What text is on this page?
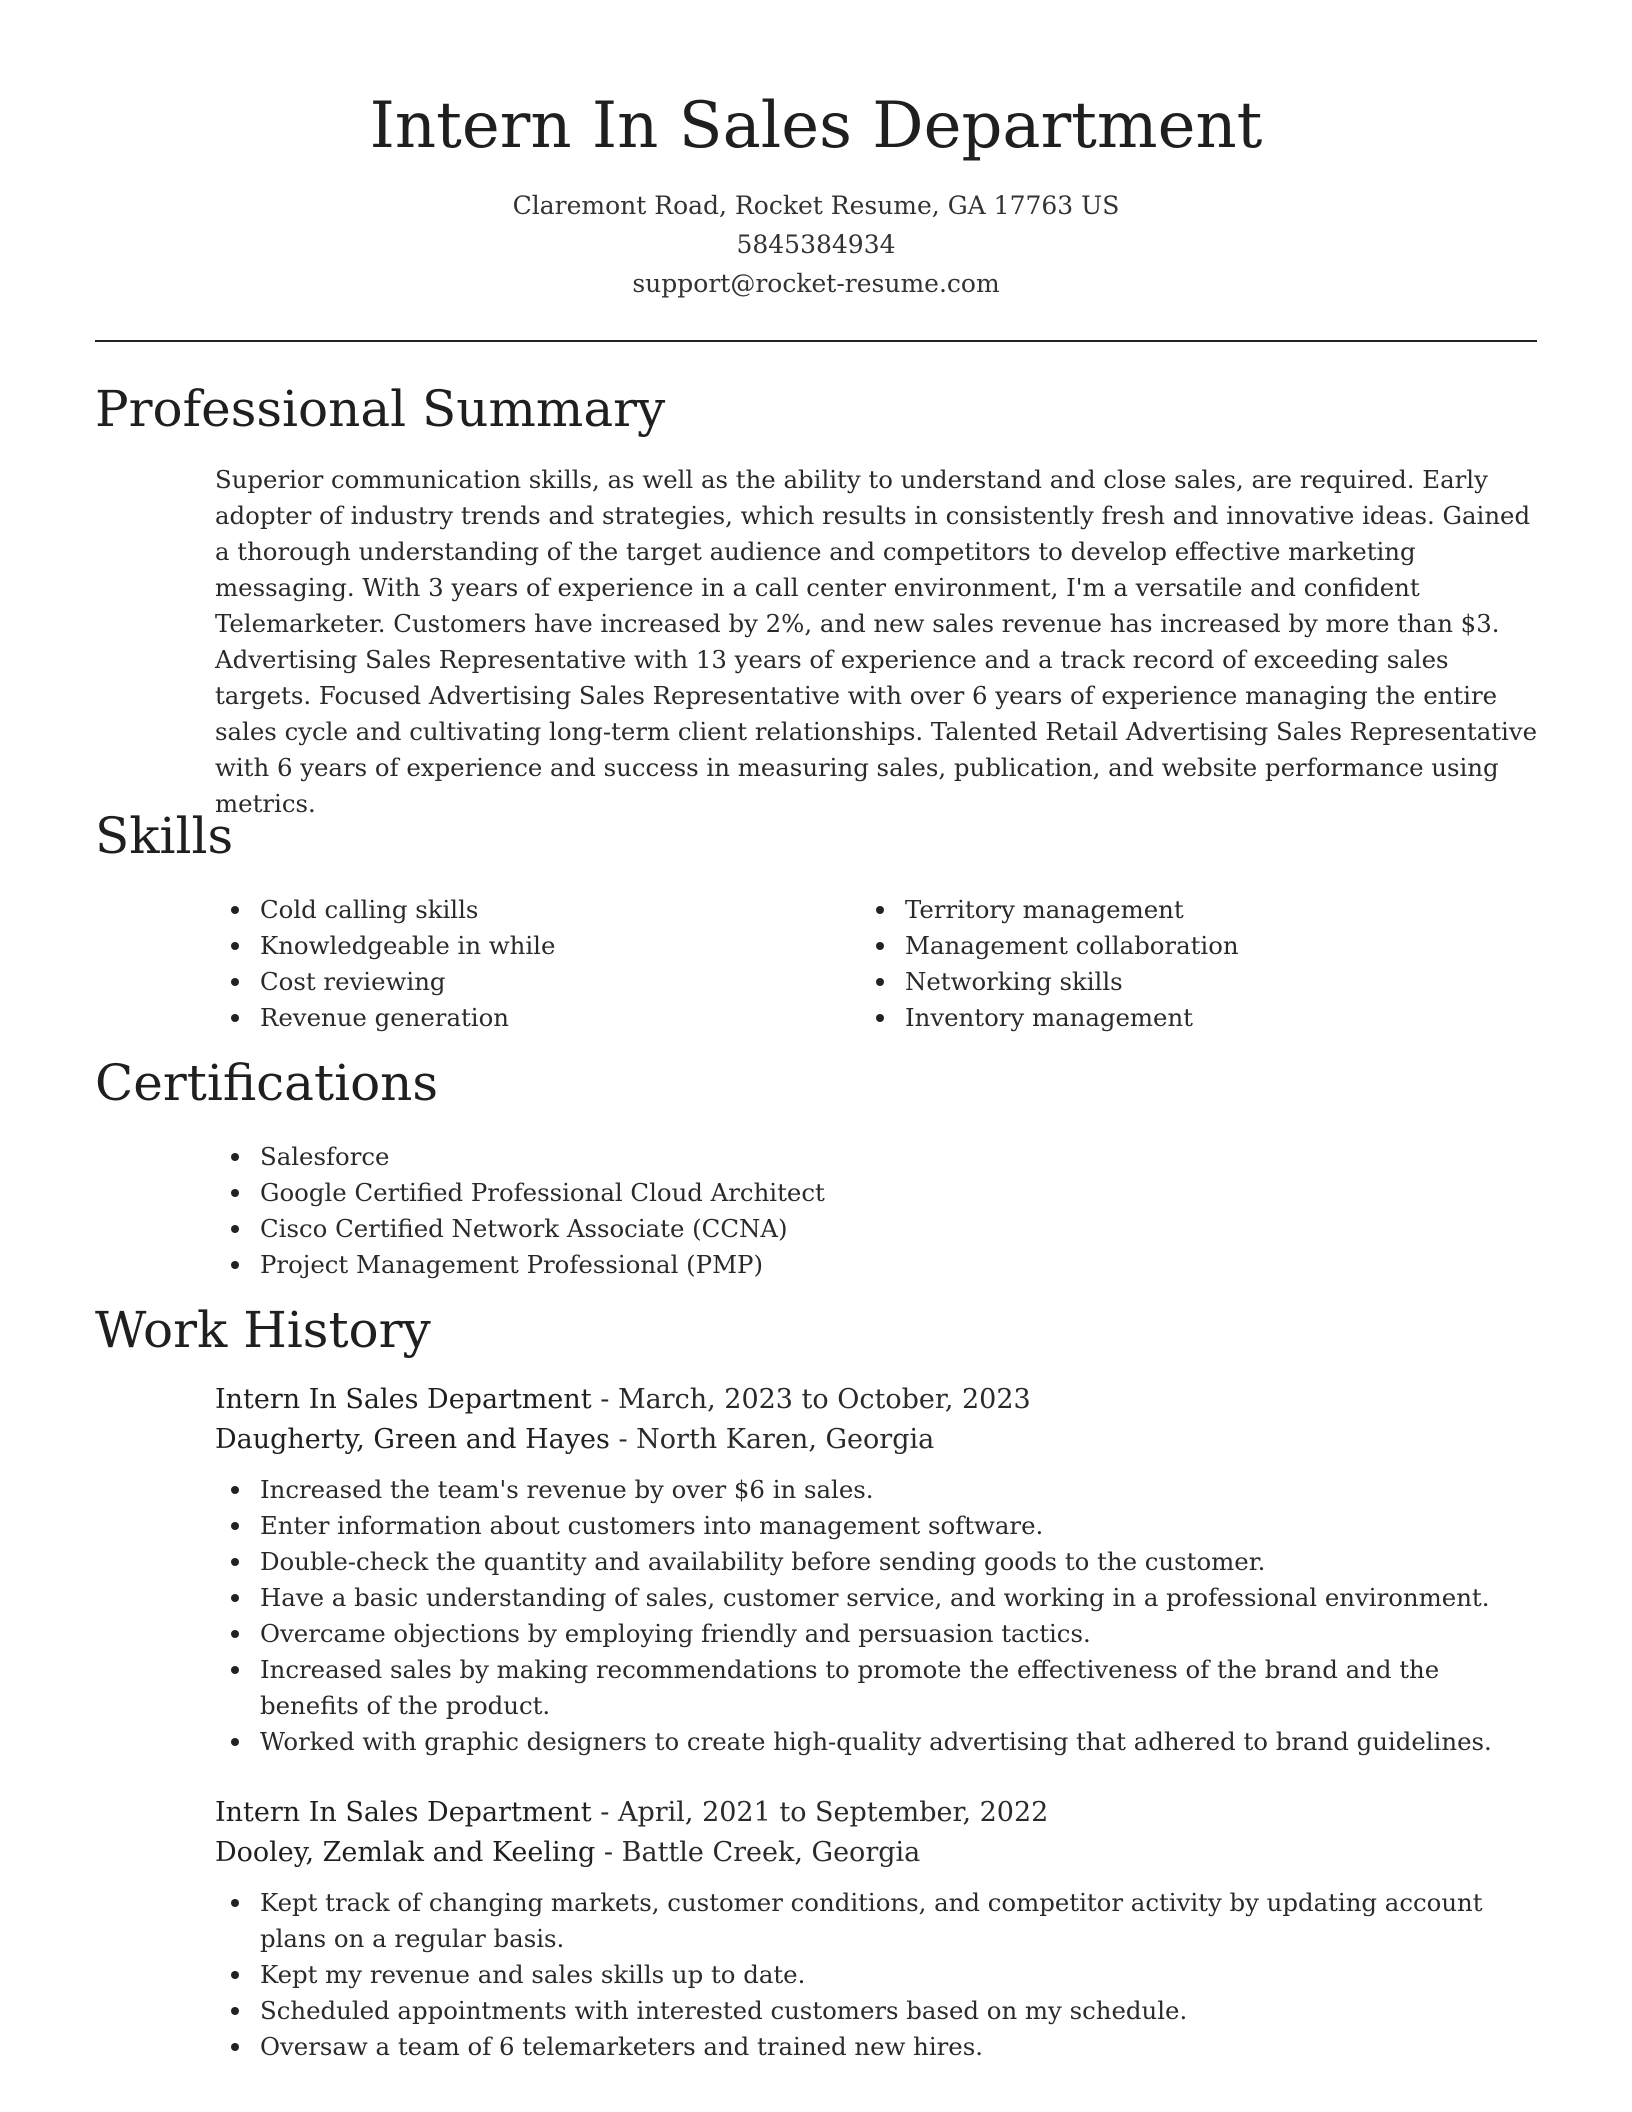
Intern In Sales Department
Claremont Road, Rocket Resume, GA 17763 US
5845384934
support@rocket-resume.com
Professional Summary

Superior communication skills, as well as the ability to understand and close sales, are required. Early adopter of industry trends and strategies, which results in consistently fresh and innovative ideas. Gained a thorough understanding of the target audience and competitors to develop effective marketing messaging. With 3 years of experience in a call center environment, I'm a versatile and confident Telemarketer. Customers have increased by 2%, and new sales revenue has increased by more than $3. Advertising Sales Representative with 13 years of experience and a track record of exceeding sales targets. Focused Advertising Sales Representative with over 6 years of experience managing the entire sales cycle and cultivating long-term client relationships. Talented Retail Advertising Sales Representative with 6 years of experience and success in measuring sales, publication, and website performance using metrics.

Skills
Cold calling skills
Knowledgeable in while
Cost reviewing
Revenue generation
Territory management
Management collaboration
Networking skills
Inventory management
Certifications
Salesforce
Google Certified Professional Cloud Architect
Cisco Certified Network Associate (CCNA)
Project Management Professional (PMP)
Work History
Intern In Sales Department - March, 2023 to October, 2023
Daugherty, Green and Hayes - North Karen, Georgia
Increased the team's revenue by over $6 in sales.
Enter information about customers into management software.
Double-check the quantity and availability before sending goods to the customer.
Have a basic understanding of sales, customer service, and working in a professional environment.
Overcame objections by employing friendly and persuasion tactics.
Increased sales by making recommendations to promote the effectiveness of the brand and the benefits of the product.
Worked with graphic designers to create high-quality advertising that adhered to brand guidelines.
Intern In Sales Department - April, 2021 to September, 2022
Dooley, Zemlak and Keeling - Battle Creek, Georgia
Kept track of changing markets, customer conditions, and competitor activity by updating account plans on a regular basis.
Kept my revenue and sales skills up to date.
Scheduled appointments with interested customers based on my schedule.
Oversaw a team of 6 telemarketers and trained new hires.
